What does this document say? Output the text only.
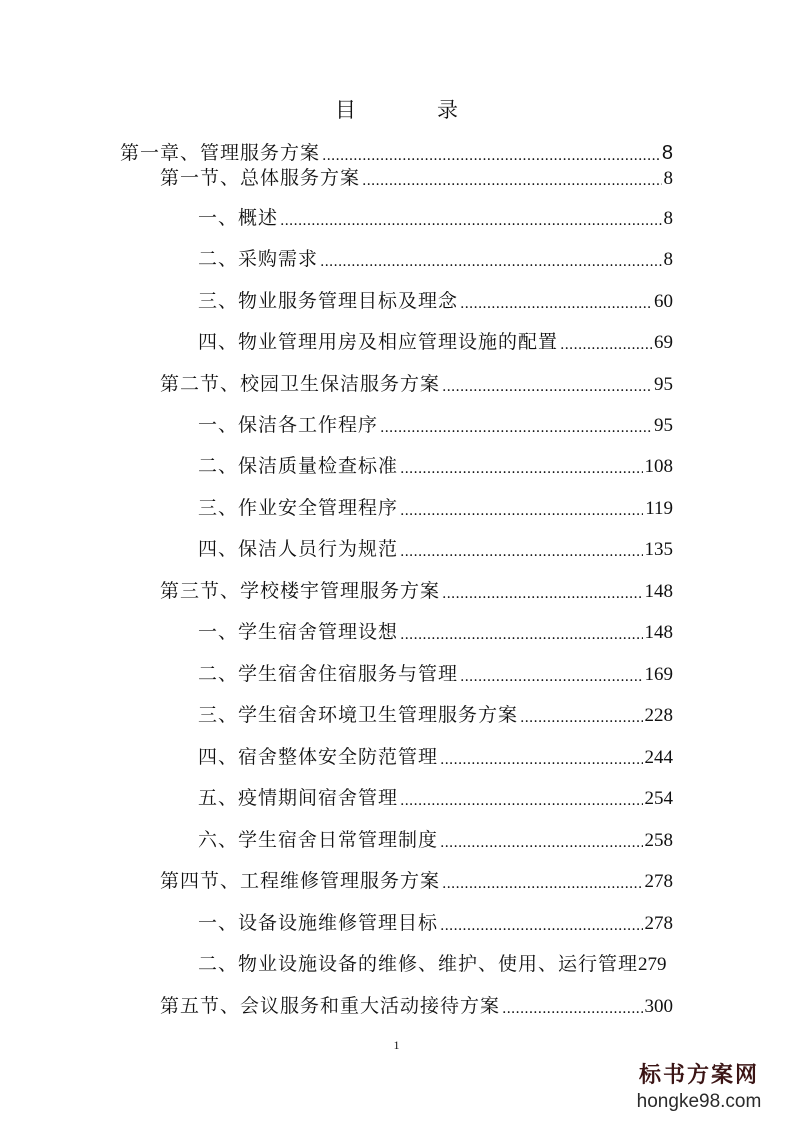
目　录
第一章、管理服务方案 .....	8
第一节、总体服务方案 .....	8
一、概述 .....	8
二、采购需求 .....	8
三、物业服务管理目标及理念 .....	60
四、物业管理用房及相应管理设施的配置 .....	69
第二节、校园卫生保洁服务方案 .....	95
一、保洁各工作程序 .....	95
二、保洁质量检查标准 .....	108
三、作业安全管理程序 .....	119
四、保洁人员行为规范 .....	135
第三节、学校楼宇管理服务方案 .....	148
一、学生宿舍管理设想 .....	148
二、学生宿舍住宿服务与管理 .....	169
三、学生宿舍环境卫生管理服务方案 .....	228
四、宿舍整体安全防范管理 .....	244
五、疫情期间宿舍管理 .....	254
六、学生宿舍日常管理制度 .....	258
第四节、工程维修管理服务方案 .....	278
一、设备设施维修管理目标 .....	278
二、物业设施设备的维修、维护、使用、运行管理 279
第五节、会议服务和重大活动接待方案 .....	300
1
标书方案网
hongke98.com
